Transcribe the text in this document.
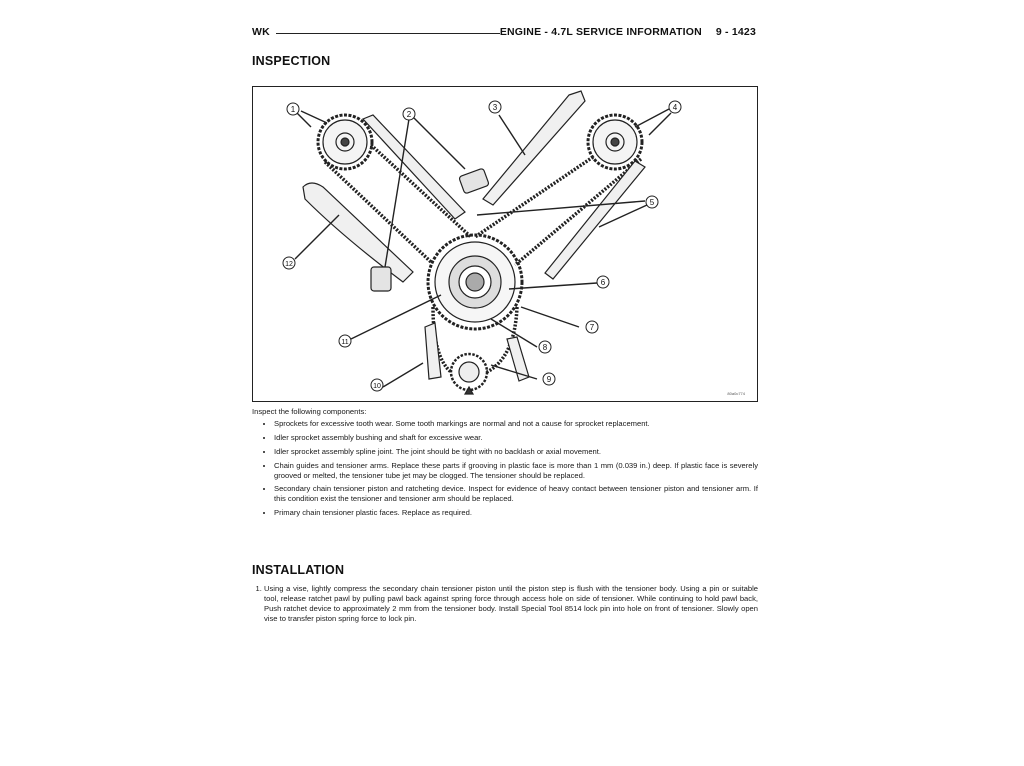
WK	ENGINE - 4.7L SERVICE INFORMATION 9 - 1423
INSPECTION
1
2
3	4
5
6
7
8
9
10
11
12
80a0c774

Inspect the following components:

• Sprockets for excessive tooth wear. Some tooth markings are normal and not a cause for sprocket replacement.
• Idler sprocket assembly bushing and shaft for excessive wear.
• Idler sprocket assembly spline joint. The joint should be tight with no backlash or axial movement.
• Chain guides and tensioner arms. Replace these parts if grooving in plastic face is more than 1 mm (0.039 in.) deep. If plastic face is severely grooved or melted, the tensioner tube jet may be clogged. The tensioner should be replaced.
• Secondary chain tensioner piston and ratcheting device. Inspect for evidence of heavy contact between tensioner piston and tensioner arm. If this condition exist the tensioner and tensioner arm should be replaced.
• Primary chain tensioner plastic faces. Replace as required.
INSTALLATION
1. Using a vise, lightly compress the secondary chain tensioner piston until the piston step is flush with the tensioner body. Using a pin or suitable tool, release ratchet pawl by pulling pawl back against spring force through access hole on side of tensioner. While continuing to hold pawl back, Push ratchet device to approximately 2 mm from the tensioner body. Install Special Tool 8514 lock pin into hole on front of tensioner. Slowly open vise to transfer piston spring force to lock pin.
